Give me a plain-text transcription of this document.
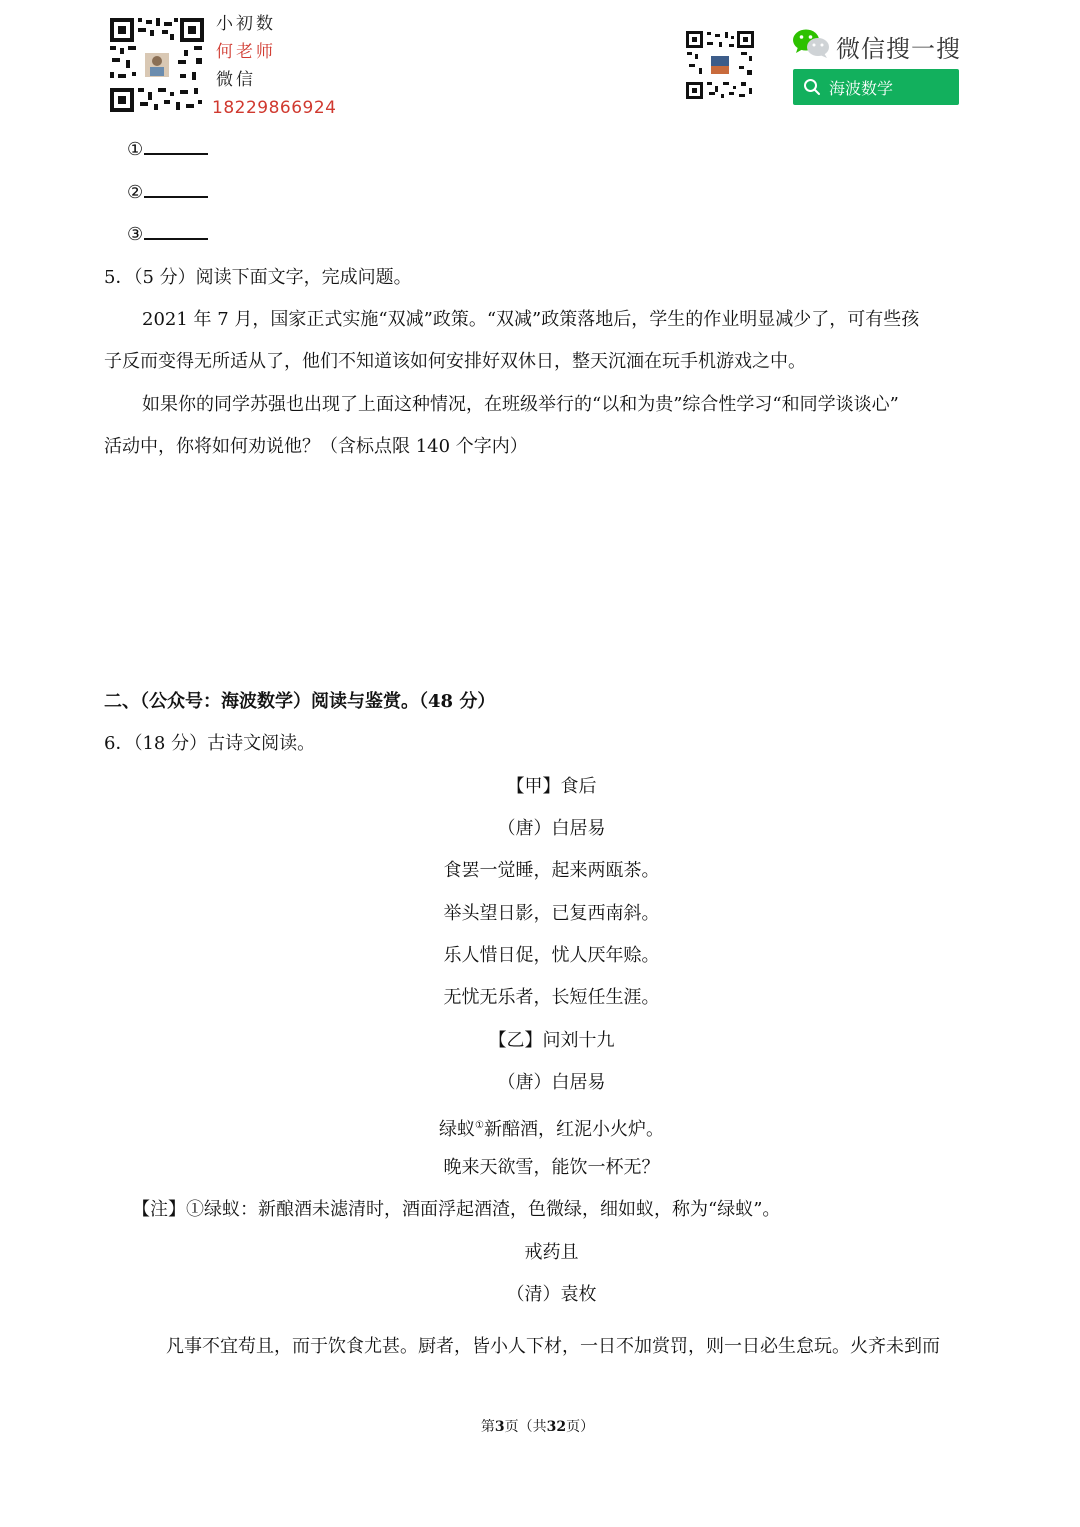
小初数
何老师
微信
18229866924
微信搜一搜
海波数学
①
②
③
5．（5 分）阅读下面文字，完成问题。
2021 年 7 月，国家正式实施“双减”政策。“双减”政策落地后，学生的作业明显减少了，可有些孩
子反而变得无所适从了，他们不知道该如何安排好双休日，整天沉湎在玩手机游戏之中。
如果你的同学苏强也出现了上面这种情况，在班级举行的“以和为贵”综合性学习“和同学谈谈心”
活动中，你将如何劝说他？（含标点限 140 个字内）
二、（公众号：海波数学）阅读与鉴赏。（48 分）
6．（18 分）古诗文阅读。
【甲】食后
（唐）白居易
食罢一觉睡，起来两瓯茶。
举头望日影，已复西南斜。
乐人惜日促，忧人厌年赊。
无忧无乐者，长短任生涯。
【乙】问刘十九
（唐）白居易
绿蚁①新醅酒，红泥小火炉。
晚来天欲雪，能饮一杯无？
【注】①绿蚁：新酿酒未滤清时，酒面浮起酒渣，色微绿，细如蚁，称为“绿蚁”。
戒药且
（清）袁枚
凡事不宜苟且，而于饮食尤甚。厨者，皆小人下材，一日不加赏罚，则一日必生怠玩。火齐未到而
第3页（共32页）
